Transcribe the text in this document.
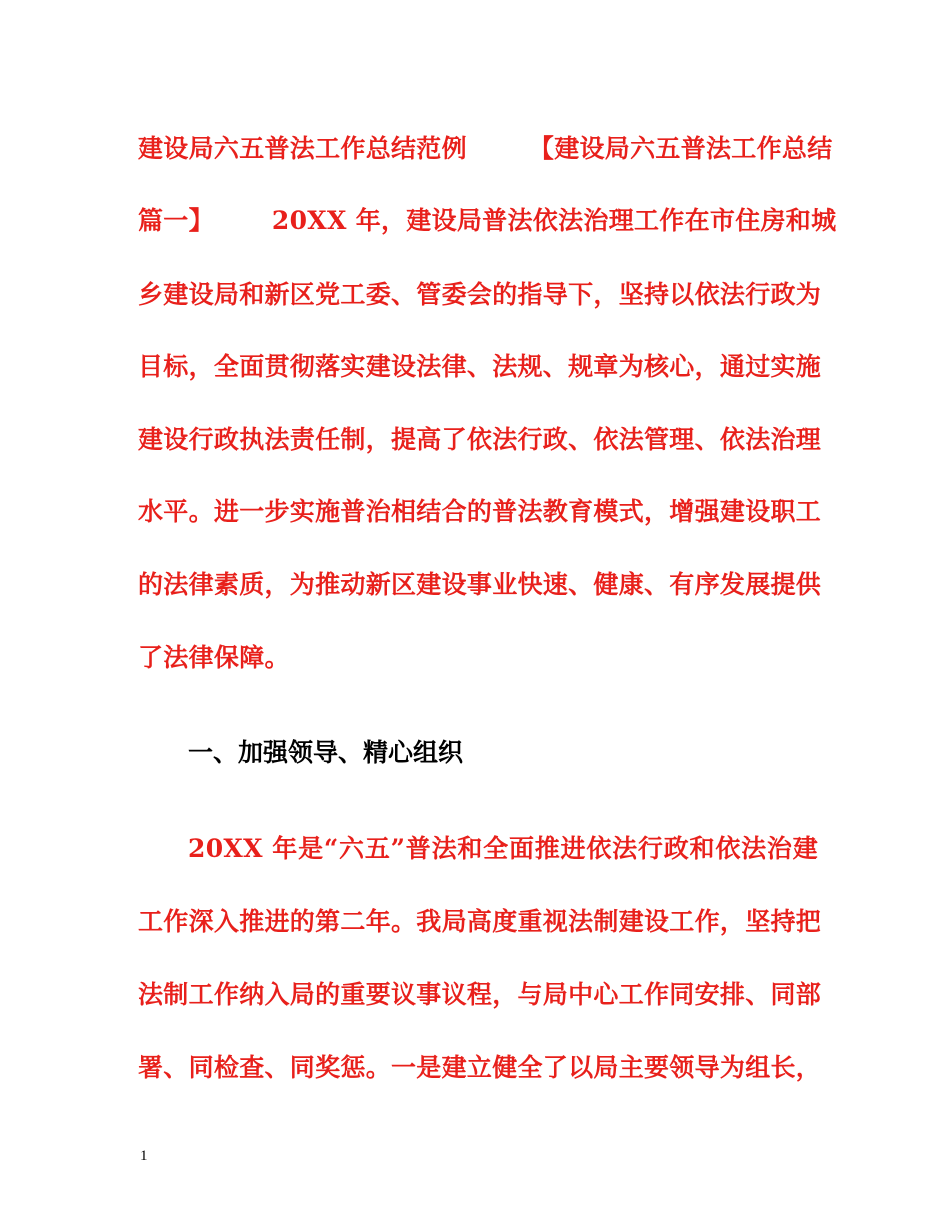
建设局六五普法工作总结范例 【建设局六五普法工作总结
篇一】 20XX 年，建设局普法依法治理工作在市住房和城
乡建设局和新区党工委、管委会的指导下，坚持以依法行政为
目标，全面贯彻落实建设法律、法规、规章为核心，通过实施
建设行政执法责任制，提高了依法行政、依法管理、依法治理
水平。进一步实施普治相结合的普法教育模式，增强建设职工
的法律素质，为推动新区建设事业快速、健康、有序发展提供
了法律保障。
一、加强领导、精心组织
20XX 年是“六五”普法和全面推进依法行政和依法治建
工作深入推进的第二年。我局高度重视法制建设工作，坚持把
法制工作纳入局的重要议事议程，与局中心工作同安排、同部
署、同检查、同奖惩。一是建立健全了以局主要领导为组长，
1
